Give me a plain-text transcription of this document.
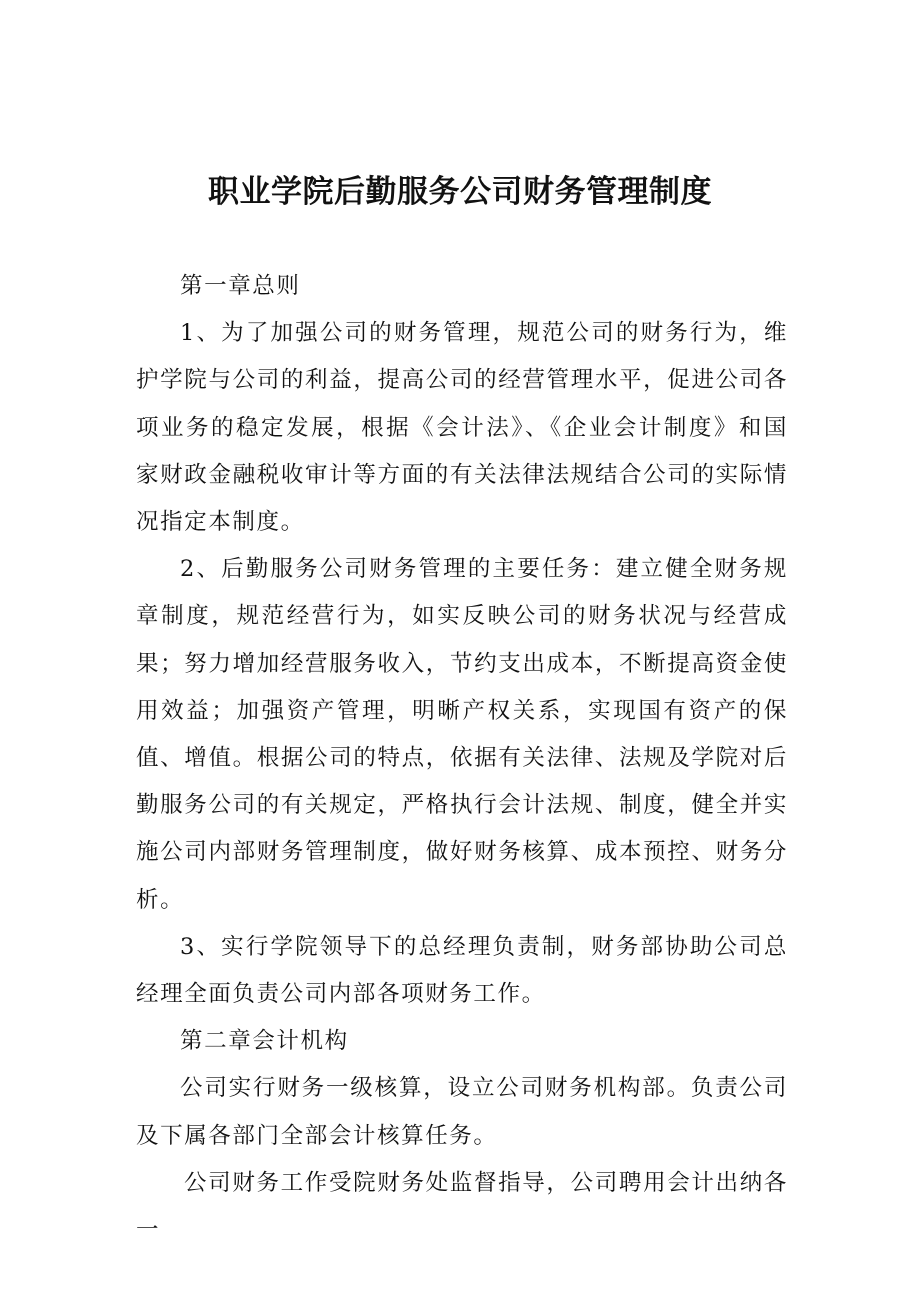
职业学院后勤服务公司财务管理制度

第一章总则

1、为了加强公司的财务管理，规范公司的财务行为，维护学院与公司的利益，提高公司的经营管理水平，促进公司各项业务的稳定发展，根据《会计法》、《企业会计制度》和国家财政金融税收审计等方面的有关法律法规结合公司的实际情况指定本制度。

2、后勤服务公司财务管理的主要任务：建立健全财务规章制度，规范经营行为，如实反映公司的财务状况与经营成果；努力增加经营服务收入，节约支出成本，不断提高资金使用效益；加强资产管理，明晰产权关系，实现国有资产的保值、增值。根据公司的特点，依据有关法律、法规及学院对后勤服务公司的有关规定，严格执行会计法规、制度，健全并实施公司内部财务管理制度，做好财务核算、成本预控、财务分析。

3、实行学院领导下的总经理负责制，财务部协助公司总经理全面负责公司内部各项财务工作。

第二章会计机构

公司实行财务一级核算，设立公司财务机构部。负责公司及下属各部门全部会计核算任务。

公司财务工作受院财务处监督指导，公司聘用会计出纳各一
